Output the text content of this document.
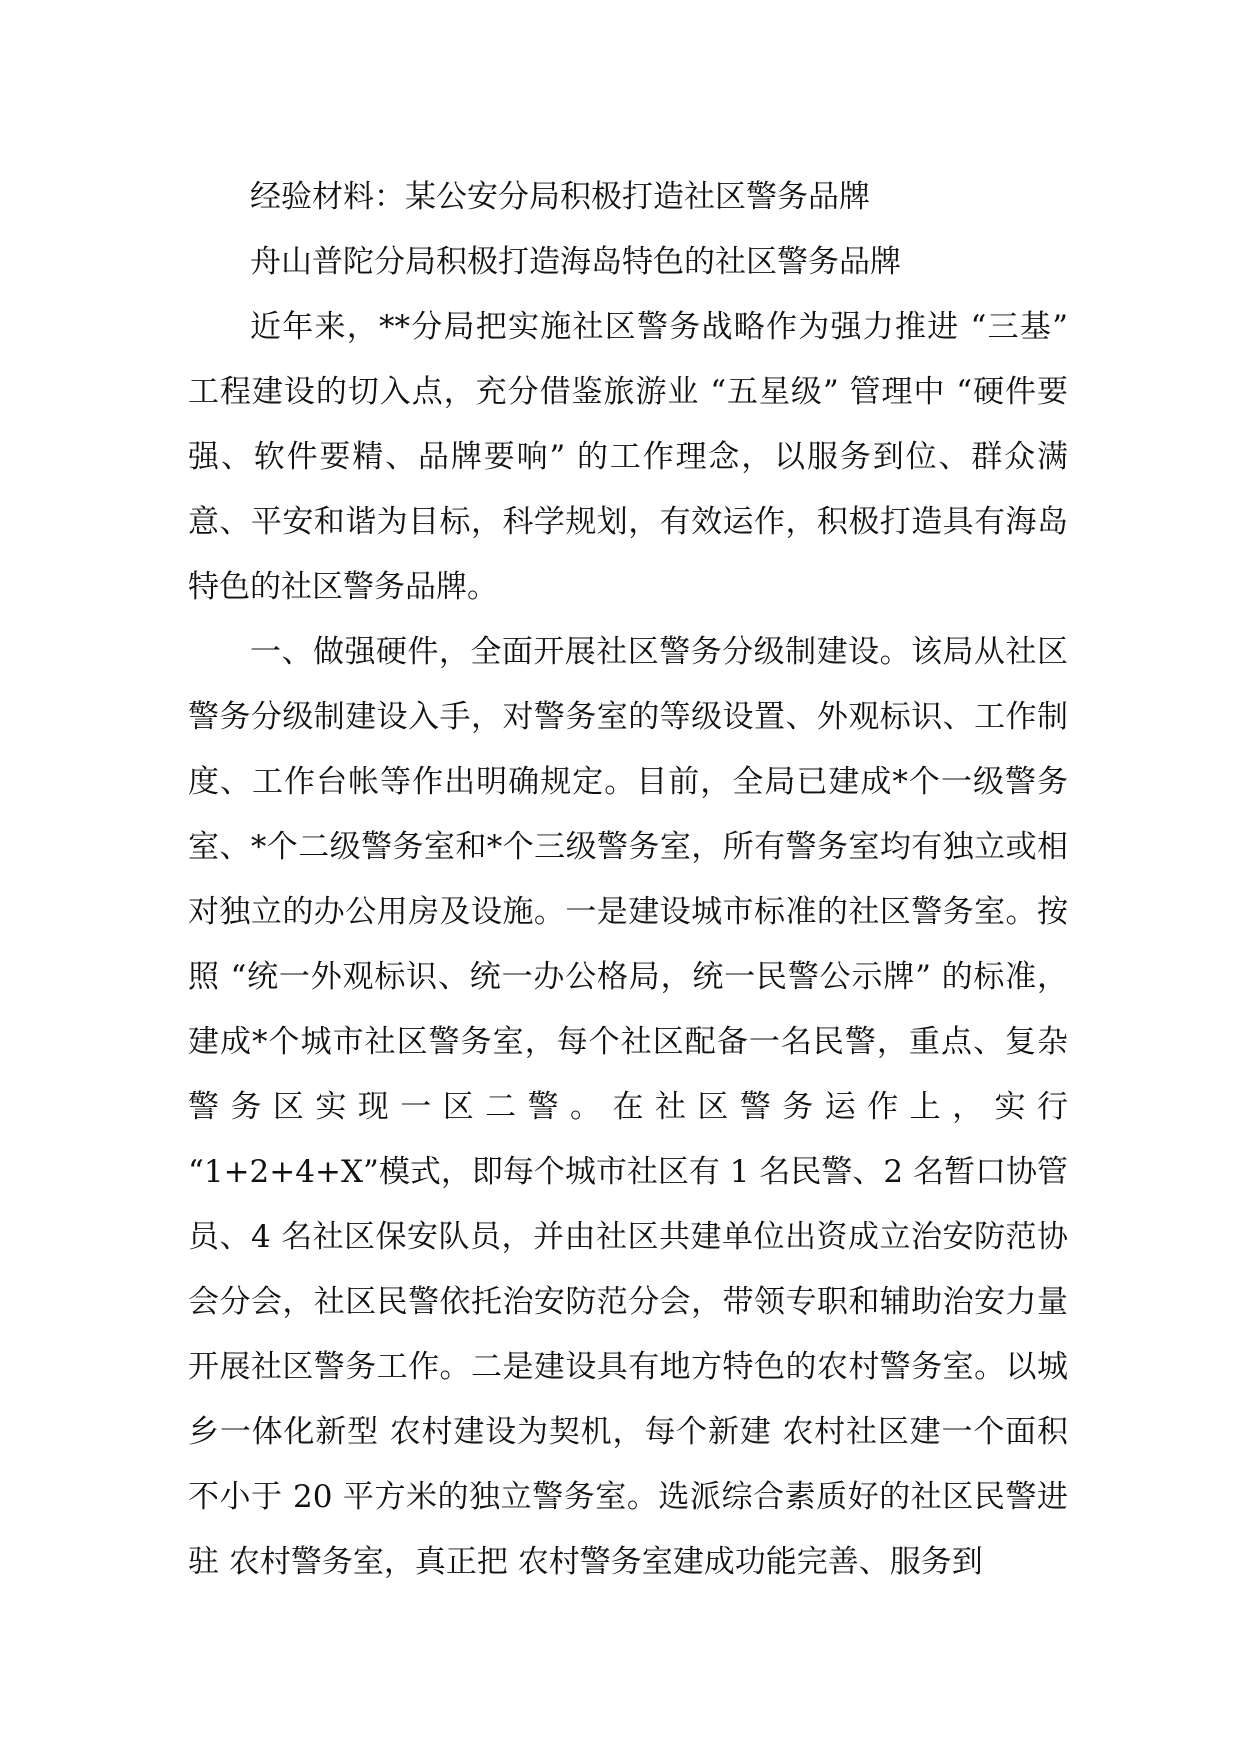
经验材料：某公安分局积极打造社区警务品牌

舟山普陀分局积极打造海岛特色的社区警务品牌

近年来，**分局把实施社区警务战略作为强力推进 “三基” 工程建设的切入点，充分借鉴旅游业 “五星级” 管理中 “硬件要强、软件要精、品牌要响” 的工作理念，以服务到位、群众满意、平安和谐为目标，科学规划，有效运作，积极打造具有海岛特色的社区警务品牌。

一、做强硬件，全面开展社区警务分级制建设。该局从社区警务分级制建设入手，对警务室的等级设置、外观标识、工作制度、工作台帐等作出明确规定。目前，全局已建成*个一级警务室、*个二级警务室和*个三级警务室，所有警务室均有独立或相对独立的办公用房及设施。一是建设城市标准的社区警务室。按照 “统一外观标识、统一办公格局，统一民警公示牌” 的标准，建成*个城市社区警务室，每个社区配备一名民警，重点、复杂警务区实现一区二警。在社区警务运作上，实行 “1+2+4+X”模式，即每个城市社区有 1 名民警、2 名暂口协管员、4 名社区保安队员，并由社区共建单位出资成立治安防范协会分会，社区民警依托治安防范分会，带领专职和辅助治安力量开展社区警务工作。二是建设具有地方特色的农村警务室。以城乡一体化新型 农村建设为契机，每个新建 农村社区建一个面积不小于 20 平方米的独立警务室。选派综合素质好的社区民警进驻 农村警务室，真正把 农村警务室建成功能完善、服务到
